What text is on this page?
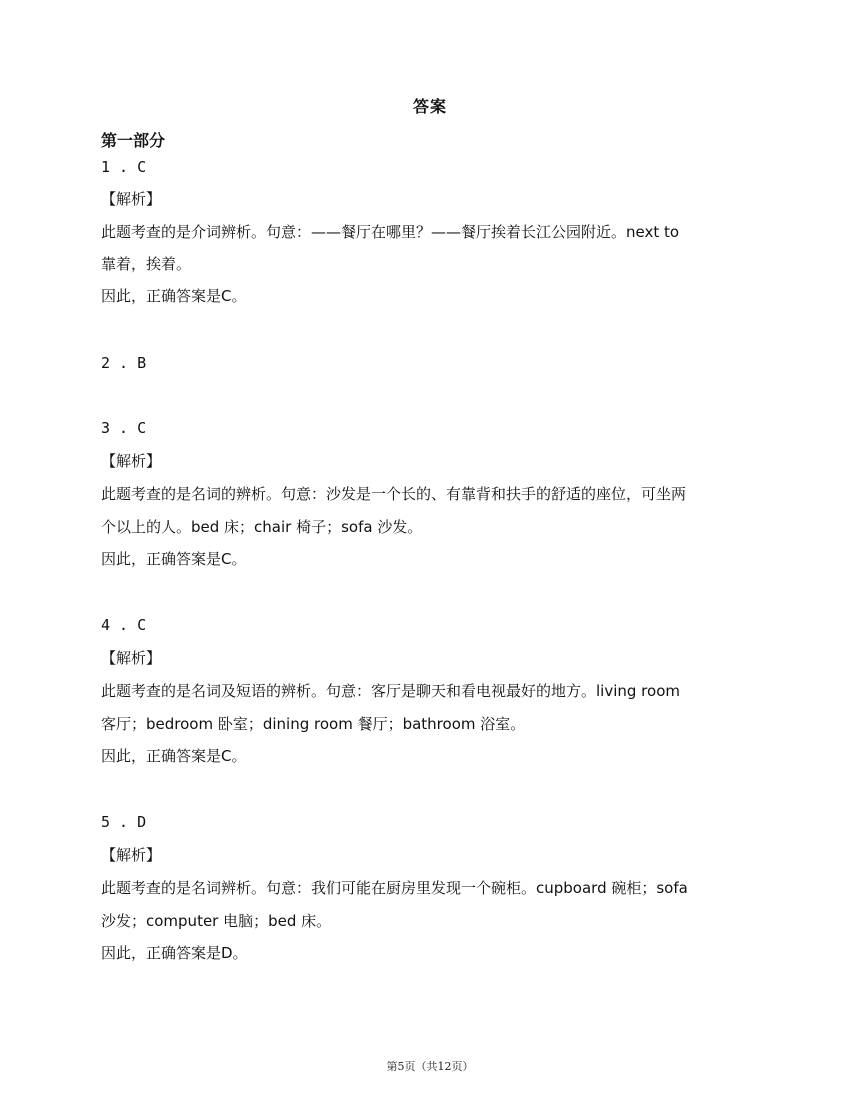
答案
第一部分
1 . C
【解析】
此题考查的是介词辨析。句意：——餐厅在哪里？——餐厅挨着长江公园附近。next to
靠着，挨着。
因此，正确答案是C。
2 . B
3 . C
【解析】
此题考查的是名词的辨析。句意：沙发是一个长的、有靠背和扶手的舒适的座位，可坐两
个以上的人。bed 床；chair 椅子；sofa 沙发。
因此，正确答案是C。
4 . C
【解析】
此题考查的是名词及短语的辨析。句意：客厅是聊天和看电视最好的地方。living room
客厅；bedroom 卧室；dining room 餐厅；bathroom 浴室。
因此，正确答案是C。
5 . D
【解析】
此题考查的是名词辨析。句意：我们可能在厨房里发现一个碗柜。cupboard 碗柜；sofa
沙发；computer 电脑；bed 床。
因此，正确答案是D。
第5页（共12页）
